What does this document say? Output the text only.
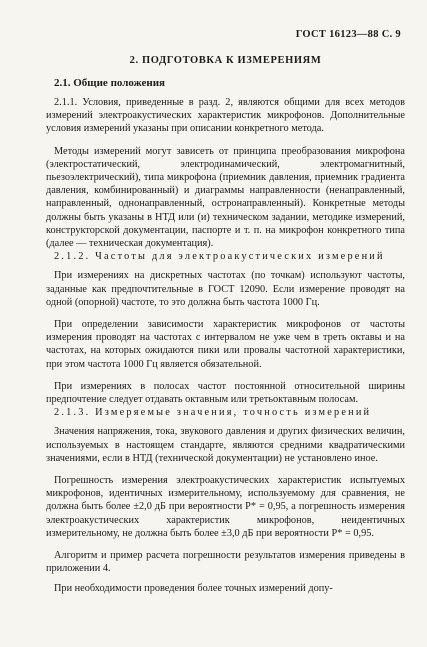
ГОСТ 16123—88 С. 9
2. ПОДГОТОВКА К ИЗМЕРЕНИЯМ
2.1. Общие положения

2.1.1. Условия, приведенные в разд. 2, являются общими для всех методов измерений электроакустических характеристик микрофонов. Дополнительные условия измерений указаны при описании конкретного метода.

Методы измерений могут зависеть от принципа преобразования микрофона (электростатический, электродинамический, электромагнитный, пьезоэлектрический), типа микрофона (приемник давления, приемник градиента давления, комбинированный) и диаграммы направленности (ненаправленный, направленный, однонаправленный, остронаправленный). Конкретные методы должны быть указаны в НТД или (и) техническом задании, методике измерений, конструкторской документации, паспорте и т. п. на микрофон конкретного типа (далее — техническая документация).

2.1.2. Частоты для электроакустических измерений

При измерениях на дискретных частотах (по точкам) используют частоты, заданные как предпочтительные в ГОСТ 12090. Если измерение проводят на одной (опорной) частоте, то это должна быть частота 1000 Гц.

При определении зависимости характеристик микрофонов от частоты измерения проводят на частотах с интервалом не уже чем в треть октавы и на частотах, на которых ожидаются пики или провалы частотной характеристики, при этом частота 1000 Гц является обязательной.

При измерениях в полосах частот постоянной относительной ширины предпочтение следует отдавать октавным или третьоктавным полосам.

2.1.3. Измеряемые значения, точность измерений

Значения напряжения, тока, звукового давления и других физических величин, используемых в настоящем стандарте, являются средними квадратическими значениями, если в НТД (технической документации) не установлено иное.

Погрешность измерения электроакустических характеристик испытуемых микрофонов, идентичных измерительному, используемому для сравнения, не должна быть более ±2,0 дБ при вероятности P* = 0,95, а погрешность измерения электроакустических характеристик микрофонов, неидентичных измерительному, не должна быть более ±3,0 дБ при вероятности P* = 0,95.

Алгоритм и пример расчета погрешности результатов измерения приведены в приложении 4.

При необходимости проведения более точных измерений допу-
